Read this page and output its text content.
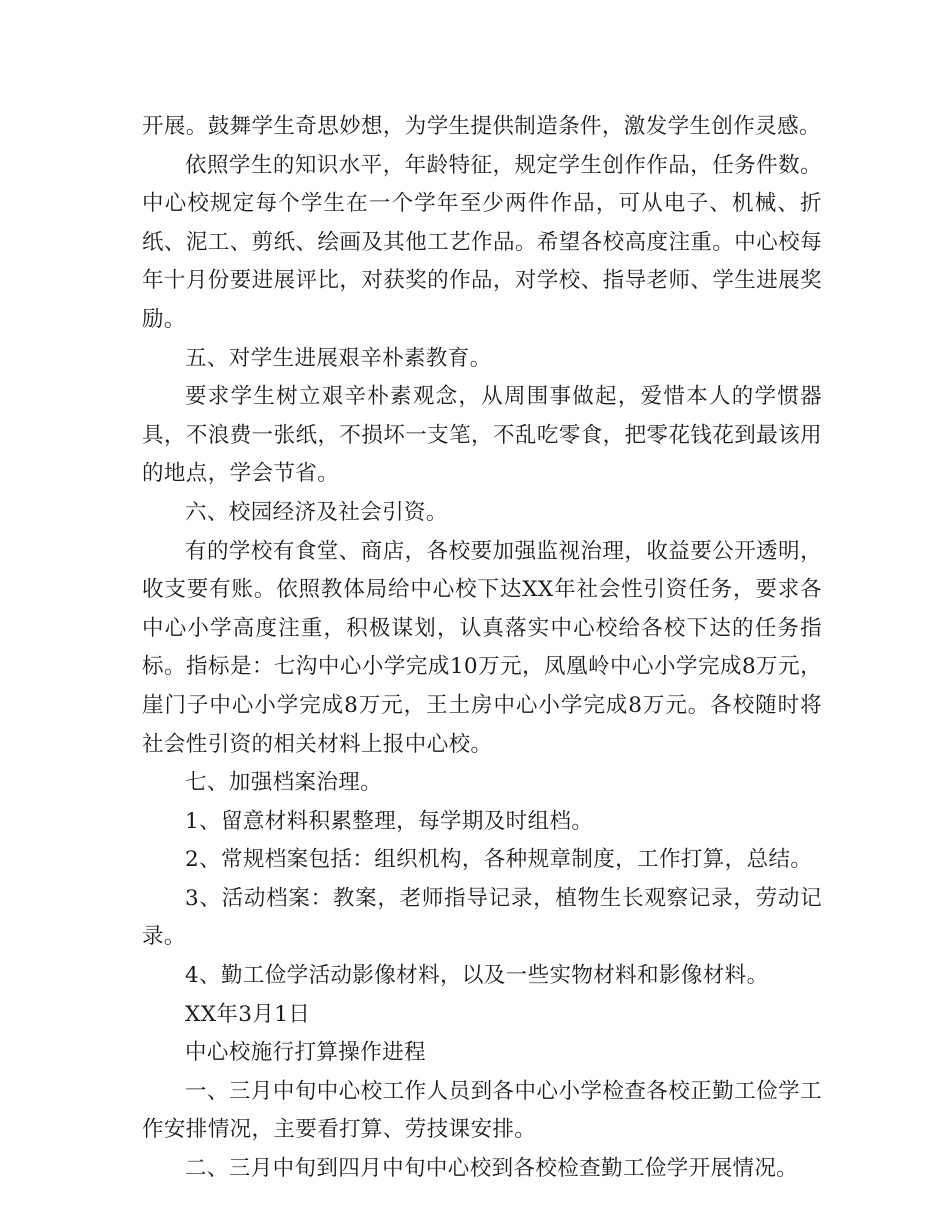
开展。鼓舞学生奇思妙想，为学生提供制造条件，激发学生创作灵感。

依照学生的知识水平，年龄特征，规定学生创作作品，任务件数。中心校规定每个学生在一个学年至少两件作品，可从电子、机械、折纸、泥工、剪纸、绘画及其他工艺作品。希望各校高度注重。中心校每年十月份要进展评比，对获奖的作品，对学校、指导老师、学生进展奖励。

五、对学生进展艰辛朴素教育。

要求学生树立艰辛朴素观念，从周围事做起，爱惜本人的学惯器具，不浪费一张纸，不损坏一支笔，不乱吃零食，把零花钱花到最该用的地点，学会节省。

六、校园经济及社会引资。

有的学校有食堂、商店，各校要加强监视治理，收益要公开透明，收支要有账。依照教体局给中心校下达XX年社会性引资任务，要求各中心小学高度注重，积极谋划，认真落实中心校给各校下达的任务指标。指标是：七沟中心小学完成10万元，凤凰岭中心小学完成8万元，崖门子中心小学完成8万元，王土房中心小学完成8万元。各校随时将社会性引资的相关材料上报中心校。

七、加强档案治理。

1、留意材料积累整理，每学期及时组档。

2、常规档案包括：组织机构，各种规章制度，工作打算，总结。

3、活动档案：教案，老师指导记录，植物生长观察记录，劳动记录。

4、勤工俭学活动影像材料，以及一些实物材料和影像材料。

XX年3月1日

中心校施行打算操作进程

一、三月中旬中心校工作人员到各中心小学检查各校正勤工俭学工作安排情况，主要看打算、劳技课安排。

二、三月中旬到四月中旬中心校到各校检查勤工俭学开展情况。
